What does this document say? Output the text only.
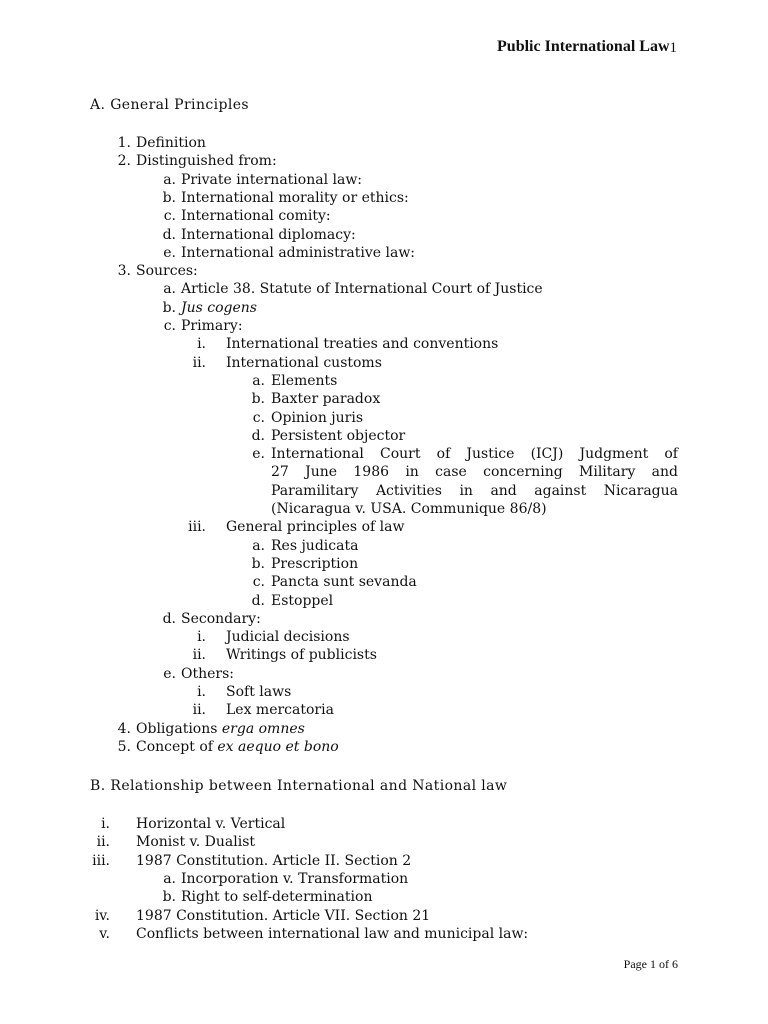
Public International Law$^1$
A. General Principles
1. Definition
2. Distinguished from:
a. Private international law:
b. International morality or ethics:
c. International comity:
d. International diplomacy:
e. International administrative law:
3. Sources:
a. Article 38. Statute of International Court of Justice
b. Jus cogens
c. Primary:
i. International treaties and conventions
ii. International customs
a. Elements
b. Baxter paradox
c. Opinion juris
d. Persistent objector
e. International Court of Justice (ICJ) Judgment of
27 June 1986 in case concerning Military and
Paramilitary Activities in and against Nicaragua
(Nicaragua v. USA. Communique 86/8)
iii. General principles of law
a. Res judicata
b. Prescription
c. Pancta sunt sevanda
d. Estoppel
d. Secondary:
i. Judicial decisions
ii. Writings of publicists
e. Others:
i. Soft laws
ii. Lex mercatoria
4. Obligations erga omnes
5. Concept of ex aequo et bono
B. Relationship between International and National law
i. Horizontal v. Vertical
ii. Monist v. Dualist
iii. 1987 Constitution. Article II. Section 2
a. Incorporation v. Transformation
b. Right to self-determination
iv. 1987 Constitution. Article VII. Section 21
v. Conflicts between international law and municipal law:
Page 1 of 6
